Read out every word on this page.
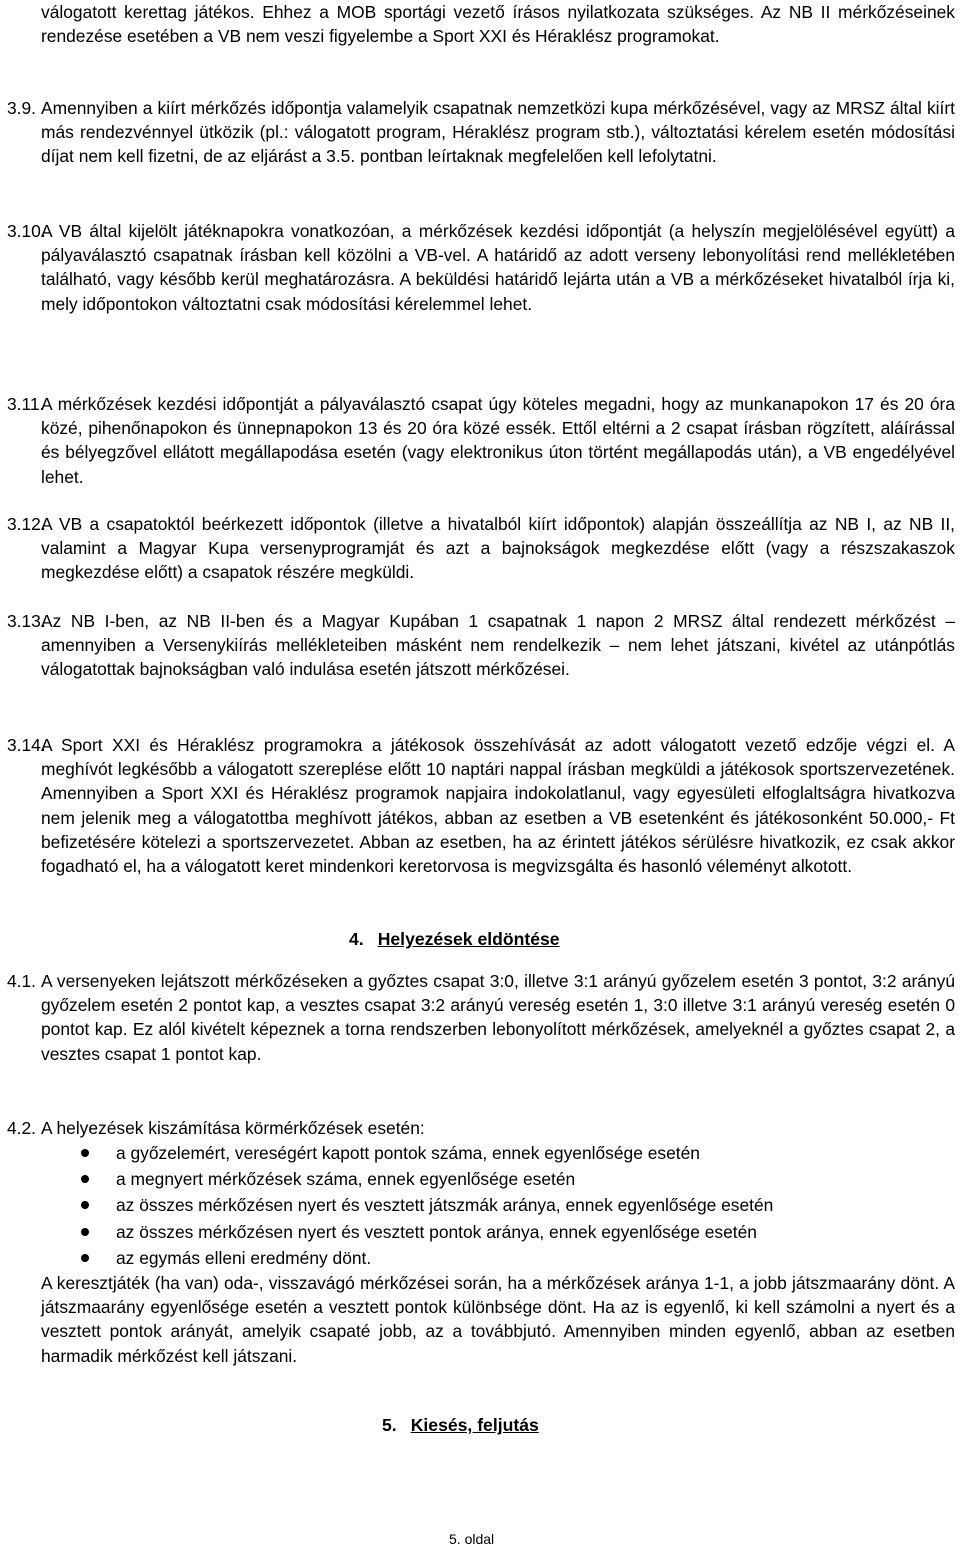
válogatott kerettag játékos. Ehhez a MOB sportági vezető írásos nyilatkozata szükséges. Az NB II mérkőzéseinek rendezése esetében a VB nem veszi figyelembe a Sport XXI és Héraklész programokat.

3.9. Amennyiben a kiírt mérkőzés időpontja valamelyik csapatnak nemzetközi kupa mérkőzésével, vagy az MRSZ által kiírt más rendezvénnyel ütközik (pl.: válogatott program, Héraklész program stb.), változtatási kérelem esetén módosítási díjat nem kell fizetni, de az eljárást a 3.5. pontban leírtaknak megfelelően kell lefolytatni.
3.10.
A VB által kijelölt játéknapokra vonatkozóan, a mérkőzések kezdési időpontját (a helyszín megjelölésével együtt) a pályaválasztó csapatnak írásban kell közölni a VB-vel. A határidő az adott verseny lebonyolítási rend mellékletében található, vagy később kerül meghatározásra. A beküldési határidő lejárta után a VB a mérkőzéseket hivatalból írja ki, mely időpontokon változtatni csak módosítási kérelemmel lehet.
3.11.
A mérkőzések kezdési időpontját a pályaválasztó csapat úgy köteles megadni, hogy az munkanapokon 17 és 20 óra közé, pihenőnapokon és ünnepnapokon 13 és 20 óra közé essék. Ettől eltérni a 2 csapat írásban rögzített, aláírással és bélyegzővel ellátott megállapodása esetén (vagy elektronikus úton történt megállapodás után), a VB engedélyével lehet.
3.12.
A VB a csapatoktól beérkezett időpontok (illetve a hivatalból kiírt időpontok) alapján összeállítja az NB I, az NB II, valamint a Magyar Kupa versenyprogramját és azt a bajnokságok megkezdése előtt (vagy a részszakaszok megkezdése előtt) a csapatok részére megküldi.
3.13.
Az NB I-ben, az NB II-ben és a Magyar Kupában 1 csapatnak 1 napon 2 MRSZ által rendezett mérkőzést – amennyiben a Versenykiírás mellékleteiben másként nem rendelkezik – nem lehet játszani, kivétel az utánpótlás válogatottak bajnokságban való indulása esetén játszott mérkőzései.
3.14.
A Sport XXI és Héraklész programokra a játékosok összehívását az adott válogatott vezető edzője végzi el. A meghívót legkésőbb a válogatott szereplése előtt 10 naptári nappal írásban megküldi a játékosok sportszervezetének. Amennyiben a Sport XXI és Héraklész programok napjaira indokolatlanul, vagy egyesületi elfoglaltságra hivatkozva nem jelenik meg a válogatottba meghívott játékos, abban az esetben a VB esetenként és játékosonként 50.000,- Ft befizetésére kötelezi a sportszervezetet. Abban az esetben, ha az érintett játékos sérülésre hivatkozik, ez csak akkor fogadható el, ha a válogatott keret mindenkori keretorvosa is megvizsgálta és hasonló véleményt alkotott.
4. Helyezések eldöntése
4.1. A versenyeken lejátszott mérkőzéseken a győztes csapat 3:0, illetve 3:1 arányú győzelem esetén 3 pontot, 3:2 arányú győzelem esetén 2 pontot kap, a vesztes csapat 3:2 arányú vereség esetén 1, 3:0 illetve 3:1 arányú vereség esetén 0 pontot kap. Ez alól kivételt képeznek a torna rendszerben lebonyolított mérkőzések, amelyeknél a győztes csapat 2, a vesztes csapat 1 pontot kap.
4.2. A helyezések kiszámítása körmérkőzések esetén:
a győzelemért, vereségért kapott pontok száma, ennek egyenlősége esetén
a megnyert mérkőzések száma, ennek egyenlősége esetén
az összes mérkőzésen nyert és vesztett játszmák aránya, ennek egyenlősége esetén
az összes mérkőzésen nyert és vesztett pontok aránya, ennek egyenlősége esetén
az egymás elleni eredmény dönt.

A keresztjáték (ha van) oda-, visszavágó mérkőzései során, ha a mérkőzések aránya 1-1, a jobb játszmaarány dönt. A játszmaarány egyenlősége esetén a vesztett pontok különbsége dönt. Ha az is egyenlő, ki kell számolni a nyert és a vesztett pontok arányát, amelyik csapaté jobb, az a továbbjutó. Amennyiben minden egyenlő, abban az esetben harmadik mérkőzést kell játszani.

5. Kiesés, feljutás
5. oldal
